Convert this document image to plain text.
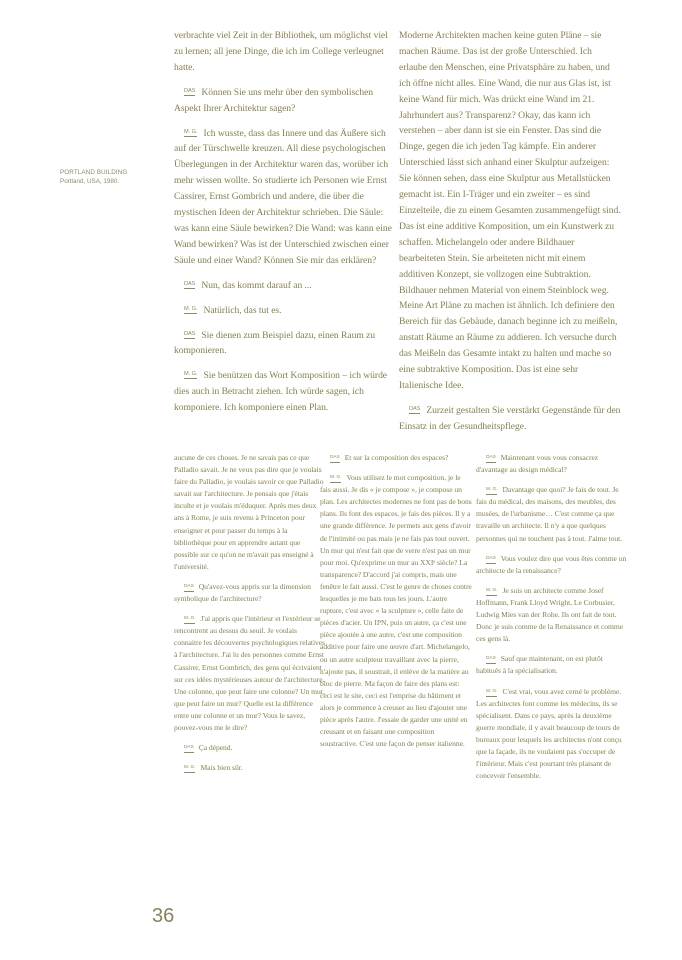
PORTLAND BUILDING
Portland, USA, 1980.

verbrachte viel Zeit in der Bibliothek, um möglichst viel zu lernen; all jene Dinge, die ich im College verleugnet hatte.

DAS Können Sie uns mehr über den symbolischen Aspekt Ihrer Architektur sagen?

M. G. Ich wusste, dass das Innere und das Äußere sich auf der Türschwelle kreuzen. All diese psychologischen Überlegungen in der Architektur waren das, worüber ich mehr wissen wollte. So studierte ich Personen wie Ernst Cassirer, Ernst Gombrich und andere, die über die mystischen Ideen der Architektur schrieben. Die Säule: was kann eine Säule bewirken? Die Wand: was kann eine Wand bewirken? Was ist der Unterschied zwischen einer Säule und einer Wand? Können Sie mir das erklären?

DAS Nun, das kommt darauf an ...

M. G. Natürlich, das tut es.

DAS Sie dienen zum Beispiel dazu, einen Raum zu komponieren.

M. G. Sie benützen das Wort Komposition – ich würde dies auch in Betracht ziehen. Ich würde sagen, ich komponiere. Ich komponiere einen Plan.

Moderne Architekten machen keine guten Pläne – sie machen Räume. Das ist der große Unterschied. Ich erlaube den Menschen, eine Privatsphäre zu haben, und ich öffne nicht alles. Eine Wand, die nur aus Glas ist, ist keine Wand für mich. Was drückt eine Wand im 21. Jahrhundert aus? Transparenz? Okay, das kann ich verstehen – aber dann ist sie ein Fenster. Das sind die Dinge, gegen die ich jeden Tag kämpfe. Ein anderer Unterschied lässt sich anhand einer Skulptur aufzeigen: Sie können sehen, dass eine Skulptur aus Metallstücken gemacht ist. Ein I-Träger und ein zweiter – es sind Einzelteile, die zu einem Gesamten zusammengefügt sind. Das ist eine additive Komposition, um ein Kunstwerk zu schaffen. Michelangelo oder andere Bildhauer bearbeiteten Stein. Sie arbeiteten nicht mit einem additiven Konzept, sie vollzogen eine Subtraktion. Bildhauer nehmen Material von einem Steinblock weg. Meine Art Pläne zu machen ist ähnlich. Ich definiere den Bereich für das Gebäude, danach beginne ich zu meißeln, anstatt Räume an Räume zu addieren. Ich versuche durch das Meißeln das Gesamte intakt zu halten und mache so eine subtraktive Komposition. Das ist eine sehr Italienische Idee.

DAS Zurzeit gestalten Sie verstärkt Gegenstände für den Einsatz in der Gesundheitspflege.

aucune de ces choses. Je ne savais pas ce que Palladio savait. Je ne veux pas dire que je voulais faire du Palladio, je voulais savoir ce que Palladio savait sur l'architecture. Je pensais que j'étais inculte et je voulais m'éduquer. Après mes deux ans à Rome, je suis revenu à Princeton pour enseigner et pour passer du temps à la bibliothèque pour en apprendre autant que possible sur ce qu'on ne m'avait pas enseigné à l'université.

DAS Qu'avez-vous appris sur la dimension symbolique de l'architecture?

M. G. J'ai appris que l'intérieur et l'extérieur se rencontrent au dessus du seuil. Je voulais connaitre les découvertes psychologiques relatives à l'architecture. J'ai lu des personnes comme Ernst Cassirer, Ernst Gombrich, des gens qui écrivaient sur ces idées mystérieuses autour de l'architecture. Une colonne, que peut faire une colonne? Un mur, que peut faire un mur? Quelle est la différence entre une colonne et un mur? Vous le savez, pouvez-vous me le dire?

DAS Ça dépend.

M. G. Mais bien sûr.

DAS Et sur la composition des espaces?

M. G. Vous utilisez le mot composition, je le fais aussi. Je dis « je compose », je compose un plan. Les architectes modernes ne font pas de bons plans. Ils font des espaces, je fais des pièces. Il y a une grande différence. Je permets aux gens d'avoir de l'intimité ou pas mais je ne fais pas tout ouvert. Un mur qui n'est fait que de verre n'est pas un mur pour moi. Qu'exprime un mur au XXIᵉ siècle? La transparence? D'accord j'ai compris, mais une fenêtre le fait aussi. C'est le genre de choses contre lesquelles je me bats tous les jours. L'autre rupture, c'est avec « la sculpture », celle faite de pièces d'acier. Un IPN, puis un autre, ça c'est une pièce ajoutée à une autre, c'est une composition additive pour faire une œuvre d'art. Michelangelo, ou un autre sculpteur travaillant avec la pierre, n'ajoute pas, il soustrait, il enlève de la matière au bloc de pierre. Ma façon de faire des plans est: ceci est le site, ceci est l'emprise du bâtiment et alors je commence à creuser au lieu d'ajouter une pièce après l'autre. J'essaie de garder une unité en creusant et en faisant une composition soustractive. C'est une façon de penser italienne.

DAS Maintenant vous vous consacrez d'avantage au design médical?

M. G. Davantage que quoi? Je fais de tout. Je fais du médical, des maisons, des meubles, des musées, de l'urbanisme… C'est comme ça que travaille un architecte. Il n'y a que quelques personnes qui ne touchent pas à tout. J'aime tout.

DAS Vous voulez dire que vous êtes comme un architecte de la renaissance?

M. G. Je suis un architecte comme Josef Hoffmann, Frank Lloyd Wright, Le Corbusier, Ludwig Mies van der Rohe. Ils ont fait de tout. Donc je suis comme de la Renaissance et comme ces gens là.

DAS Sauf que maintenant, on est plutôt habitués à la spécialisation.

M. G. C'est vrai, vous avez cerné le problème. Les architectes font comme les médecins, ils se spécialisent. Dans ce pays, après la deuxième guerre mondiale, il y avait beaucoup de tours de bureaux pour lesquels les architectes n'ont conçu que la façade, ils ne voulaient pas s'occuper de l'intérieur. Mais c'est pourtant très plaisant de concevoir l'ensemble.

36
